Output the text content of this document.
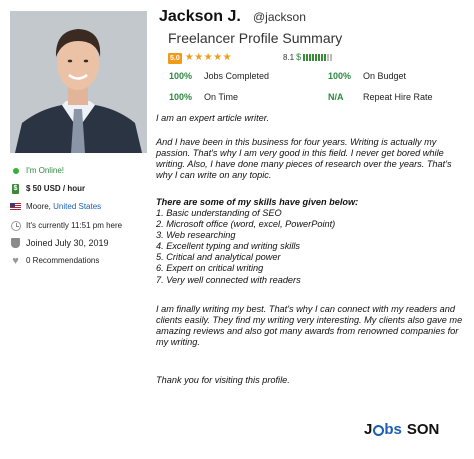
Jackson J. @jackson
Freelancer Profile Summary
5.0 ★ ★ ★ ★ ★	8.1 $
100% Jobs Completed	100% On Budget
100% On Time	N/A Repeat Hire Rate
I'm Online!
$ $ 50 USD / hour
Moore,
United States
It's currently 11:51 pm here
Joined July 30, 2019
♥ 0 Recommendations

I am an expert article writer.

And I have been in this business for four years. Writing is actually my passion. That's why I am very good in this field. I never get bored while writing. Also, I have done many pieces of research over the years. That's why I can write on any topic.

There are some of my skills have given below:

1. Basic understanding of SEO
2. Microsoft office (word, excel, PowerPoint)
3. Web researching
4. Excellent typing and writing skills
5. Critical and analytical power
6. Expert on critical writing
7. Very well connected with readers

I am finally writing my best. That's why I can connect with my readers and

clients easily. They find my writing very interesting. My clients also gave me amazing reviews and also got many awards from renowned companies for my writing.

Thank you for visiting this profile.

J bs SON
